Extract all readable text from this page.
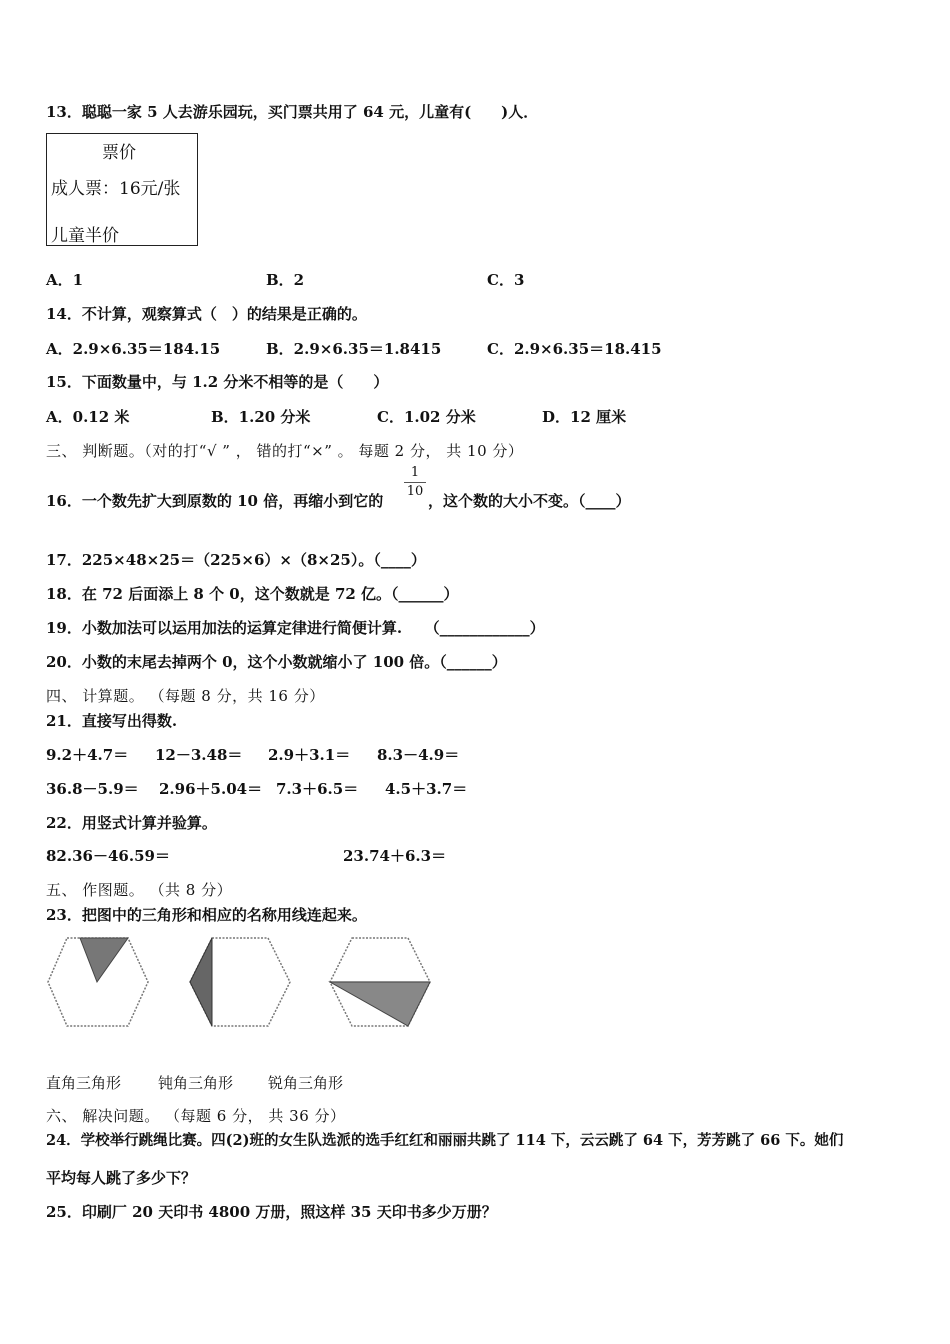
13．聪聪一家 5 人去游乐园玩，买门票共用了 64 元，儿童有(　　)人．
票价
成人票：16元/张
儿童半价
A．1	B．2	C．3
14．不计算，观察算式（　）的结果是正确的。
A．2.9×6.35＝184.15	B．2.9×6.35＝1.8415	C．2.9×6.35＝18.415
15．下面数量中，与 1.2 分米不相等的是（　　）
A．0.12 米	B．1.20 分米	C．1.02 分米	D．12 厘米
三、 判断题。（对的打“√ ” ， 错的打“×” 。 每题 2 分， 共 10 分）
16．一个数先扩大到原数的 10 倍，再缩小到它的
1
10
，这个数的大小不变。（____）
17．225×48×25＝（225×6）×（8×25）。（____）
18．在 72 后面添上 8 个 0，这个数就是 72 亿。（______）
19．小数加法可以运用加法的运算定律进行简便计算.　　（____________）
20．小数的末尾去掉两个 0，这个小数就缩小了 100 倍。（______）
四、 计算题。 （每题 8 分，共 16 分）
21．直接写出得数.
9.2＋4.7＝ 12－3.48＝ 2.9＋3.1＝ 8.3－4.9＝
36.8－5.9＝ 2.96＋5.04＝ 7.3＋6.5＝ 4.5＋3.7＝
22．用竖式计算并验算。
82.36－46.59＝	23.74＋6.3＝
五、 作图题。 （共 8 分）
23．把图中的三角形和相应的名称用线连起来。
直角三角形 钝角三角形 锐角三角形
六、 解决问题。 （每题 6 分， 共 36 分）
24．学校举行跳绳比赛。四(2)班的女生队选派的选手红红和丽丽共跳了 114 下，云云跳了 64 下，芳芳跳了 66 下。她们
平均每人跳了多少下？
25．印刷厂 20 天印书 4800 万册，照这样 35 天印书多少万册？
